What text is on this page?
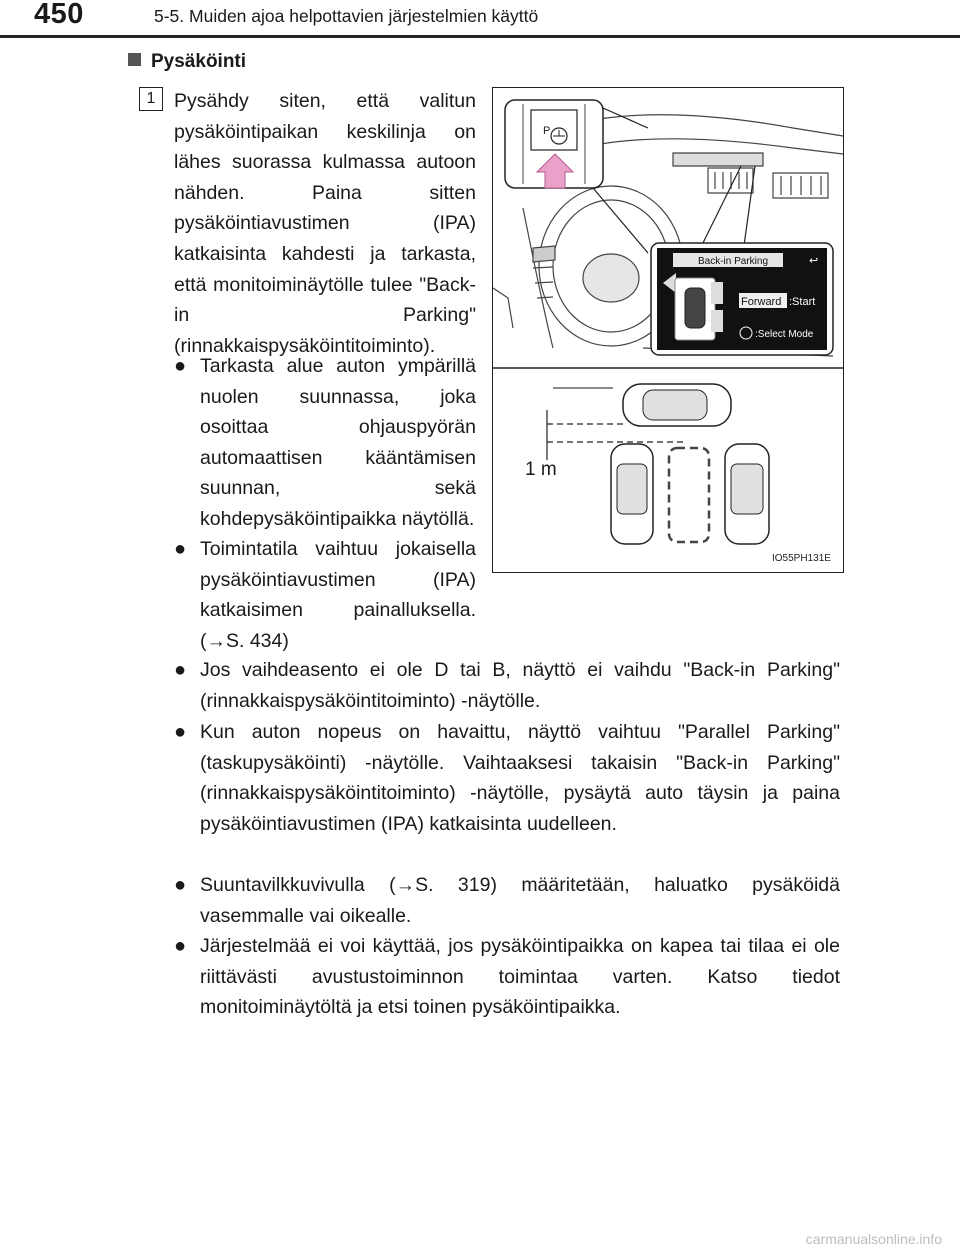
450	5-5. Muiden ajoa helpottavien järjestelmien käyttö
Pysäköinti
1 Pysähdy siten, että valitun pysäköintipaikan keskilinja on lähes suorassa kulmassa autoon nähden. Paina sitten pysäköintiavustimen (IPA) katkaisinta kahdesti ja tarkasta, että monitoiminäytölle tulee "Back-in Parking" (rinnakkaispysäköintitoiminto).
● Tarkasta alue auton ympärillä nuolen suunnassa, joka osoittaa ohjauspyörän automaattisen kääntämisen suunnan, sekä kohdepysäköintipaikka näytöllä.
● Toimintatila vaihtuu jokaisella pysäköintiavustimen (IPA) katkaisimen painalluksella. (→S. 434)
● Jos vaihdeasento ei ole D tai B, näyttö ei vaihdu "Back-in Parking" (rinnakkaispysäköintitoiminto) -näytölle.
● Kun auton nopeus on havaittu, näyttö vaihtuu "Parallel Parking" (taskupysäköinti) -näytölle. Vaihtaaksesi takaisin "Back-in Parking" (rinnakkaispysäköintitoiminto) -näytölle, pysäytä auto täysin ja paina pysäköintiavustimen (IPA) katkaisinta uudelleen.
● Suuntavilkkuvivulla (→S. 319) määritetään, haluatko pysäköidä vasemmalle vai oikealle.
● Järjestelmää ei voi käyttää, jos pysäköintipaikka on kapea tai tilaa ei ole riittävästi avustustoiminnon toimintaa varten. Katso tiedot monitoiminäytöltä ja etsi toinen pysäköintipaikka.
P
Back-in Parking	↩
Forward :Start
:Select Mode
1 m
IO55PH131E
carmanualsonline.info
